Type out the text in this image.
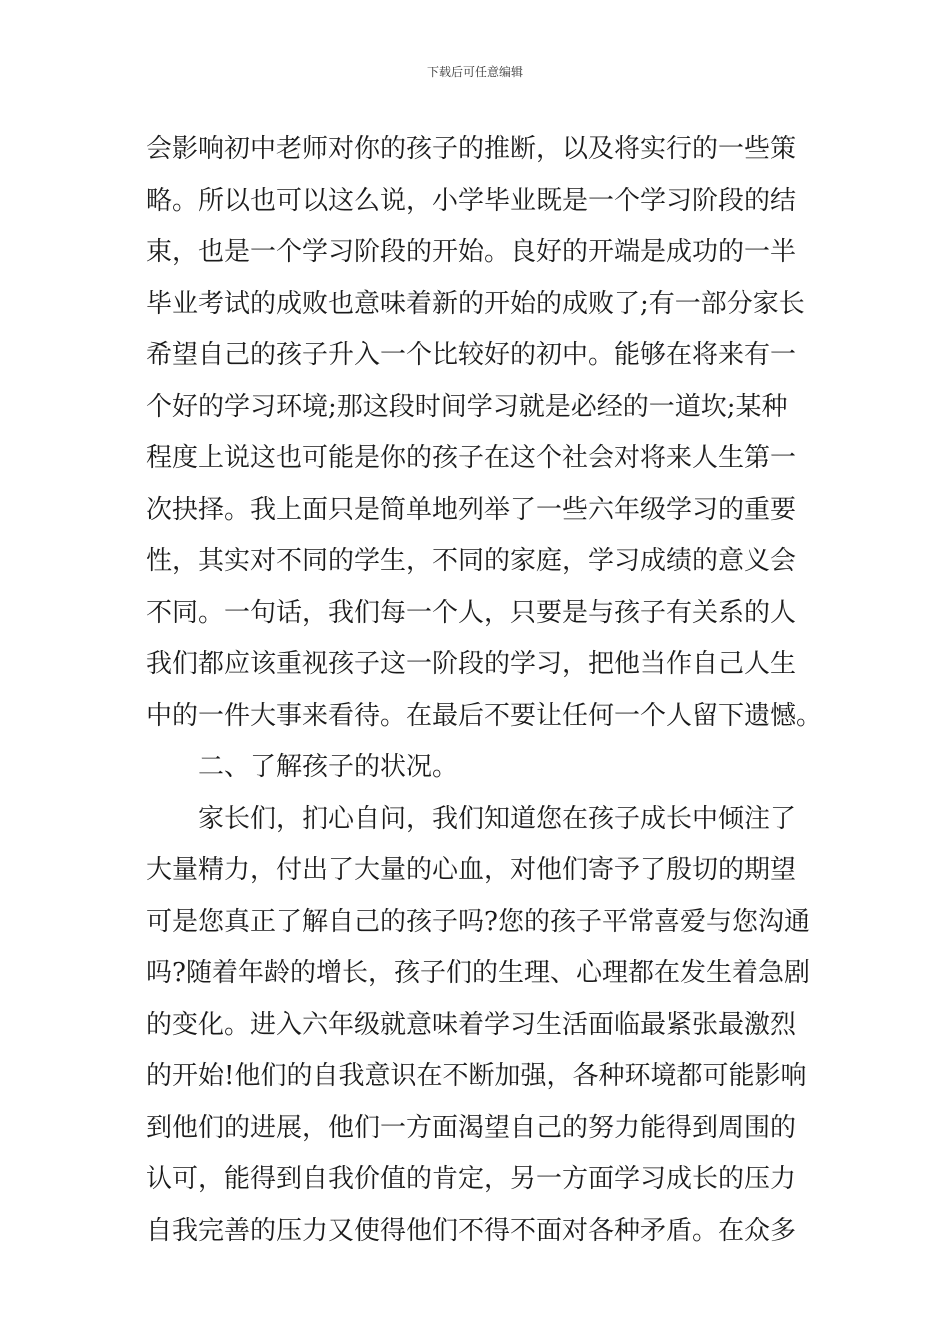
下载后可任意编辑
会影响初中老师对你的孩子的推断，以及将实行的一些策
略。所以也可以这么说，小学毕业既是一个学习阶段的结
束，也是一个学习阶段的开始。良好的开端是成功的一半
毕业考试的成败也意味着新的开始的成败了;有一部分家长
希望自己的孩子升入一个比较好的初中。能够在将来有一
个好的学习环境;那这段时间学习就是必经的一道坎;某种
程度上说这也可能是你的孩子在这个社会对将来人生第一
次抉择。我上面只是简单地列举了一些六年级学习的重要
性，其实对不同的学生，不同的家庭，学习成绩的意义会
不同。一句话，我们每一个人，只要是与孩子有关系的人
我们都应该重视孩子这一阶段的学习，把他当作自己人生
中的一件大事来看待。在最后不要让任何一个人留下遗憾。
二、了解孩子的状况。
家长们，扪心自问，我们知道您在孩子成长中倾注了
大量精力，付出了大量的心血，对他们寄予了殷切的期望
可是您真正了解自己的孩子吗?您的孩子平常喜爱与您沟通
吗?随着年龄的增长，孩子们的生理、心理都在发生着急剧
的变化。进入六年级就意味着学习生活面临最紧张最激烈
的开始!他们的自我意识在不断加强，各种环境都可能影响
到他们的进展，他们一方面渴望自己的努力能得到周围的
认可，能得到自我价值的肯定，另一方面学习成长的压力
自我完善的压力又使得他们不得不面对各种矛盾。在众多
